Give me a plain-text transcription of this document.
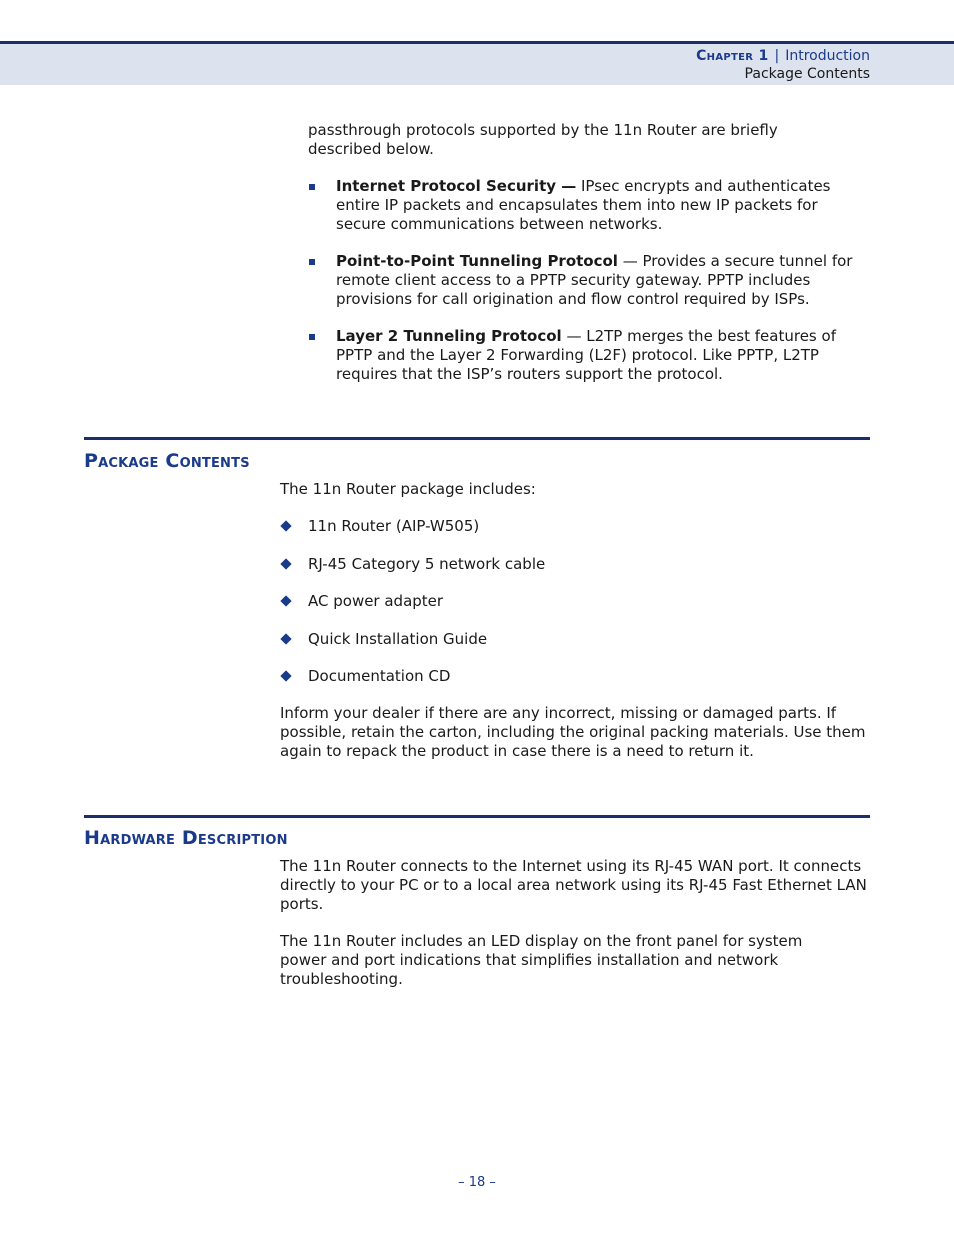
Chapter 1 | Introduction
Package Contents

passthrough protocols supported by the 11n Router are briefly described below.

Internet Protocol Security — IPsec encrypts and authenticates entire IP packets and encapsulates them into new IP packets for secure communications between networks.
Point-to-Point Tunneling Protocol — Provides a secure tunnel for remote client access to a PPTP security gateway. PPTP includes provisions for call origination and flow control required by ISPs.
Layer 2 Tunneling Protocol — L2TP merges the best features of PPTP and the Layer 2 Forwarding (L2F) protocol. Like PPTP, L2TP requires that the ISP’s routers support the protocol.
Package Contents

The 11n Router package includes:

11n Router (AIP-W505)
RJ-45 Category 5 network cable
AC power adapter
Quick Installation Guide
Documentation CD

Inform your dealer if there are any incorrect, missing or damaged parts. If possible, retain the carton, including the original packing materials. Use them again to repack the product in case there is a need to return it.

Hardware Description

The 11n Router connects to the Internet using its RJ-45 WAN port. It connects directly to your PC or to a local area network using its RJ-45 Fast Ethernet LAN ports.

The 11n Router includes an LED display on the front panel for system power and port indications that simplifies installation and network troubleshooting.

– 18 –
